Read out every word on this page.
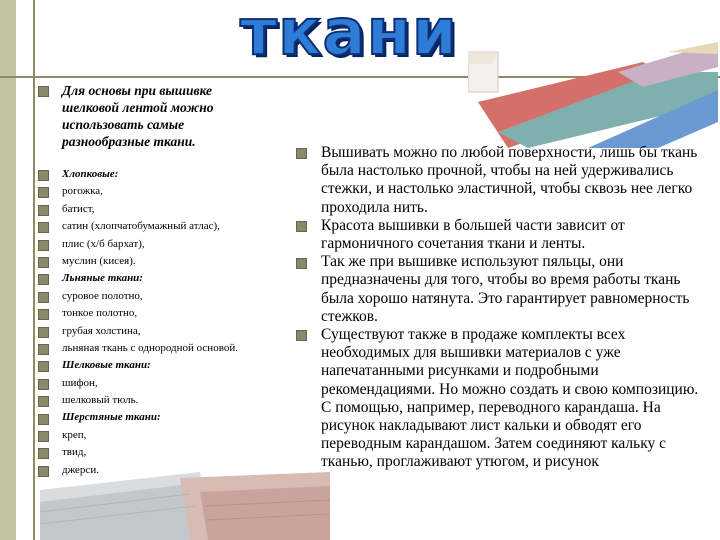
ткани
Для основы при вышивке шелковой лентой можно использовать самые разнообразные ткани.
Хлопковые:
рогожка,
батист,
сатин (хлопчатобумажный атлас),
плис (х/б бархат),
муслин (кисея).
Льняные ткани:
суровое полотно,
тонкое полотно,
грубая холстина,
льняная ткань с однородной основой.
Шелковые ткани:
шифон,
шелковый тюль.
Шерстяные ткани:
креп,
твид,
джерси.
Вышивать можно по любой поверхности, лишь бы ткань была настолько прочной, чтобы на ней удерживались стежки, и настолько эластичной, чтобы сквозь нее легко проходила нить.
Красота вышивки в большей части зависит от гармоничного сочетания ткани и ленты.
Так же при вышивке используют пяльцы, они предназначены для того, чтобы во время работы ткань была хорошо натянута. Это гарантирует равномерность стежков.
Существуют также в продаже комплекты всех необходимых для вышивки материалов с уже напечатанными рисунками и подробными рекомендациями. Но можно создать и свою композицию. С помощью, например, переводного карандаша. На рисунок накладывают лист кальки и обводят его переводным карандашом. Затем соединяют кальку с тканью, проглаживают утюгом, и рисунок
